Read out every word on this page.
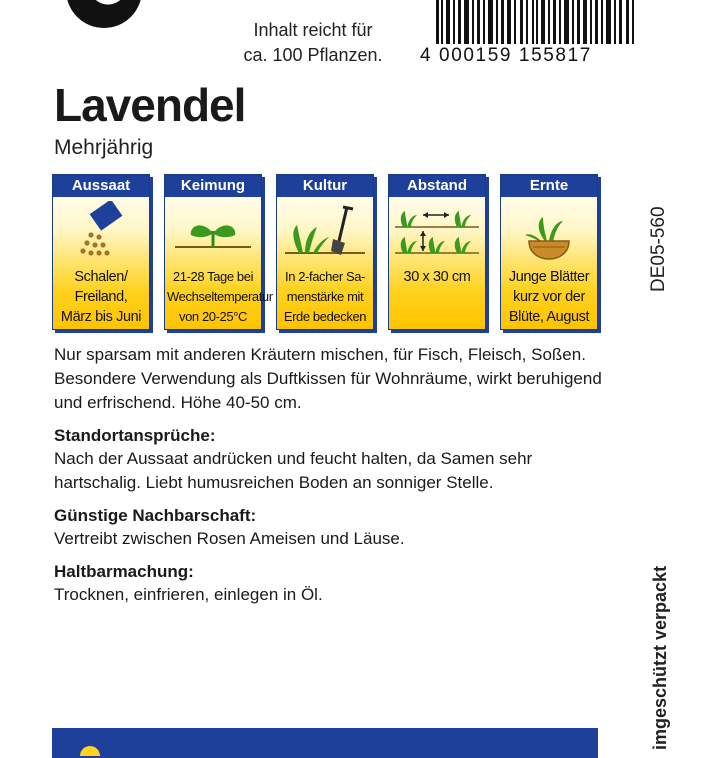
Inhalt reicht für
ca. 100 Pflanzen.	4 000159 155817
Lavendel
Mehrjährig
Aussaat
Schalen/
Freiland,
März bis Juni
Keimung
21-28 Tage bei
Wechseltemperatur
von 20-25°C
Kultur
In 2-facher Sa-
menstärke mit
Erde bedecken
Abstand
30 x 30 cm
Ernte
Junge Blätter
kurz vor der
Blüte, August
DE05-560
imgeschützt verpackt

Nur sparsam mit anderen Kräutern mischen, für Fisch, Fleisch, Soßen. Besondere Verwendung als Duftkissen für Wohnräume, wirkt beruhigend und erfrischend. Höhe 40-50 cm.

Standortansprüche:

Nach der Aussaat andrücken und feucht halten, da Samen sehr hartschalig. Liebt humusreichen Boden an sonniger Stelle.

Günstige Nachbarschaft:

Vertreibt zwischen Rosen Ameisen und Läuse.

Haltbarmachung:

Trocknen, einfrieren, einlegen in Öl.
